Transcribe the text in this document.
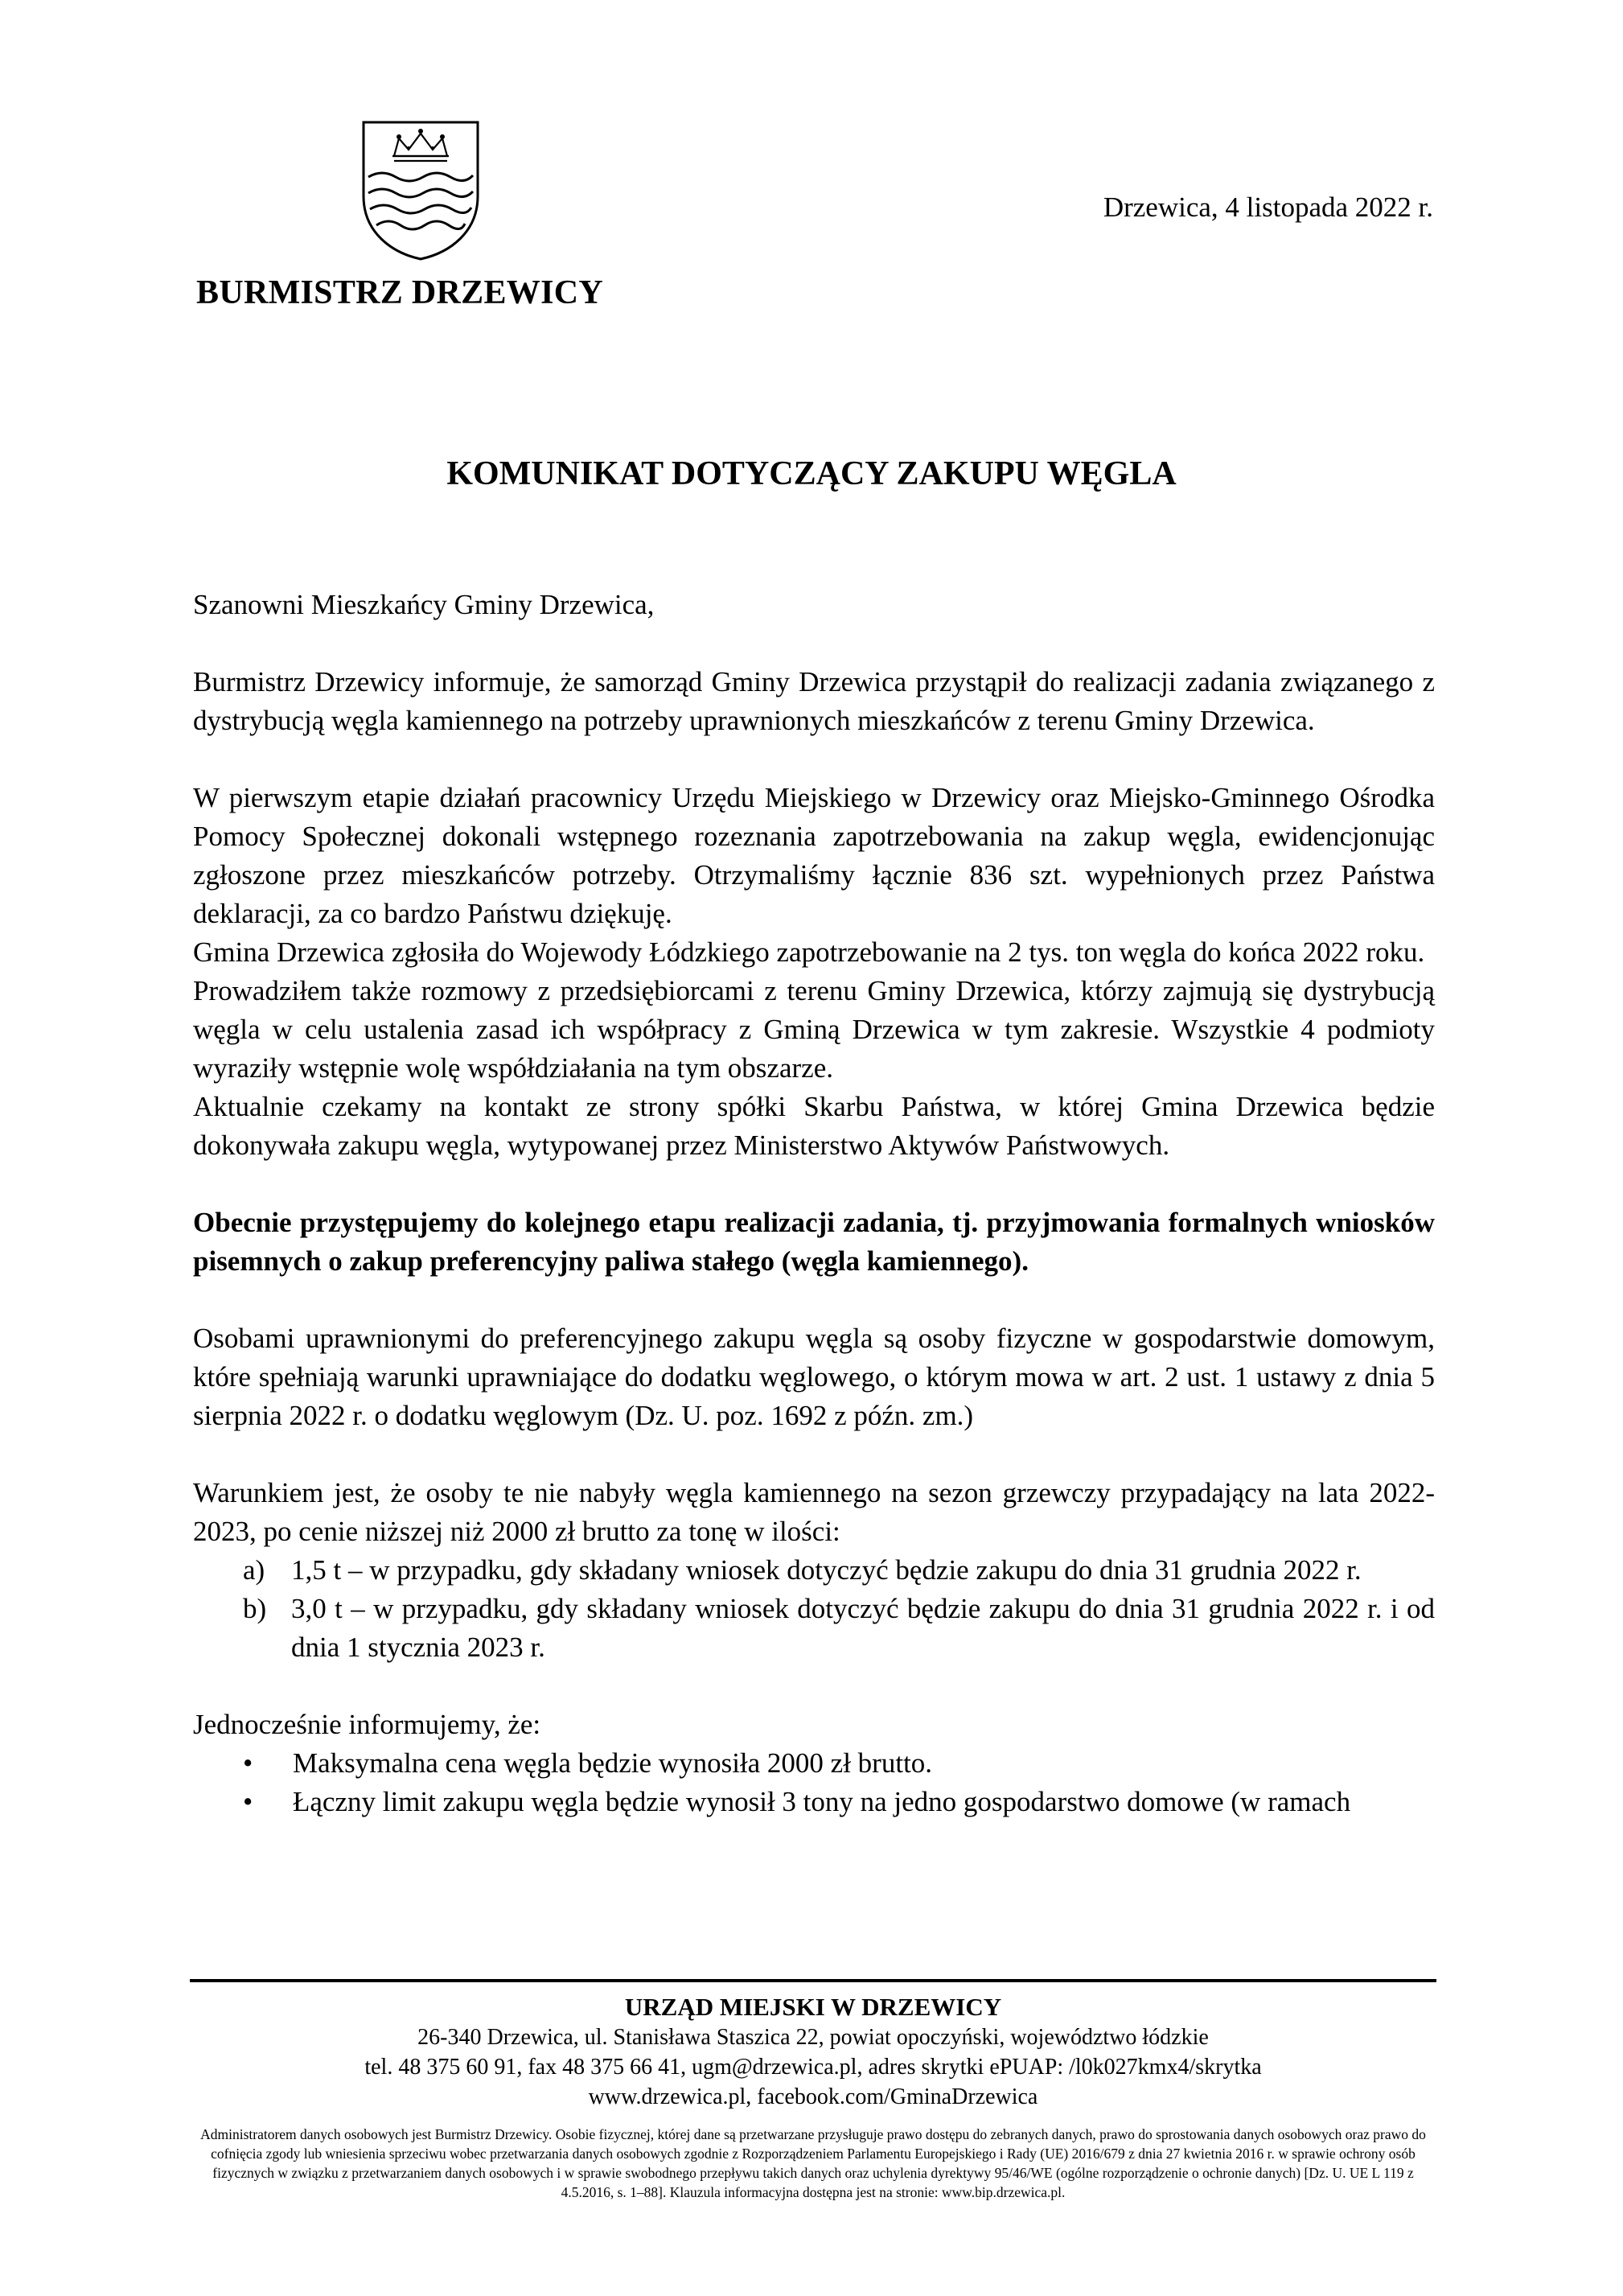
Drzewica, 4 listopada 2022 r.
BURMISTRZ DRZEWICY
KOMUNIKAT DOTYCZĄCY ZAKUPU WĘGLA

Szanowni Mieszkańcy Gminy Drzewica,

Burmistrz Drzewicy informuje, że samorząd Gminy Drzewica przystąpił do realizacji zadania związanego z dystrybucją węgla kamiennego na potrzeby uprawnionych mieszkańców z terenu Gminy Drzewica.

W pierwszym etapie działań pracownicy Urzędu Miejskiego w Drzewicy oraz Miejsko-Gminnego Ośrodka Pomocy Społecznej dokonali wstępnego rozeznania zapotrzebowania na zakup węgla, ewidencjonując zgłoszone przez mieszkańców potrzeby. Otrzymaliśmy łącznie 836 szt. wypełnionych przez Państwa deklaracji, za co bardzo Państwu dziękuję.

Gmina Drzewica zgłosiła do Wojewody Łódzkiego zapotrzebowanie na 2 tys. ton węgla do końca 2022 roku.

Prowadziłem także rozmowy z przedsiębiorcami z terenu Gminy Drzewica, którzy zajmują się dystrybucją węgla w celu ustalenia zasad ich współpracy z Gminą Drzewica w tym zakresie. Wszystkie 4 podmioty wyraziły wstępnie wolę współdziałania na tym obszarze.

Aktualnie czekamy na kontakt ze strony spółki Skarbu Państwa, w której Gmina Drzewica będzie dokonywała zakupu węgla, wytypowanej przez Ministerstwo Aktywów Państwowych.

Obecnie przystępujemy do kolejnego etapu realizacji zadania, tj. przyjmowania formalnych wniosków pisemnych o zakup preferencyjny paliwa stałego (węgla kamiennego).

Osobami uprawnionymi do preferencyjnego zakupu węgla są osoby fizyczne w gospodarstwie domowym, które spełniają warunki uprawniające do dodatku węglowego, o którym mowa w art. 2 ust. 1 ustawy z dnia 5 sierpnia 2022 r. o dodatku węglowym (Dz. U. poz. 1692 z późn. zm.)

Warunkiem jest, że osoby te nie nabyły węgla kamiennego na sezon grzewczy przypadający na lata 2022-2023, po cenie niższej niż 2000 zł brutto za tonę w ilości:

a) 1,5 t – w przypadku, gdy składany wniosek dotyczyć będzie zakupu do dnia 31 grudnia 2022 r.
b) 3,0 t – w przypadku, gdy składany wniosek dotyczyć będzie zakupu do dnia 31 grudnia 2022 r. i od dnia 1 stycznia 2023 r.

Jednocześnie informujemy, że:

• Maksymalna cena węgla będzie wynosiła 2000 zł brutto.
• Łączny limit zakupu węgla będzie wynosił 3 tony na jedno gospodarstwo domowe (w ramach
URZĄD MIEJSKI W DRZEWICY
26-340 Drzewica, ul. Stanisława Staszica 22, powiat opoczyński, województwo łódzkie
tel. 48 375 60 91, fax 48 375 66 41, ugm@drzewica.pl, adres skrytki ePUAP: /l0k027kmx4/skrytka
www.drzewica.pl, facebook.com/GminaDrzewica
Administratorem danych osobowych jest Burmistrz Drzewicy. Osobie fizycznej, której dane są przetwarzane przysługuje prawo dostępu do zebranych danych, prawo do sprostowania danych osobowych oraz prawo do cofnięcia zgody lub wniesienia sprzeciwu wobec przetwarzania danych osobowych zgodnie z Rozporządzeniem Parlamentu Europejskiego i Rady (UE) 2016/679 z dnia 27 kwietnia 2016 r. w sprawie ochrony osób fizycznych w związku z przetwarzaniem danych osobowych i w sprawie swobodnego przepływu takich danych oraz uchylenia dyrektywy 95/46/WE (ogólne rozporządzenie o ochronie danych) [Dz. U. UE L 119 z 4.5.2016, s. 1–88]. Klauzula informacyjna dostępna jest na stronie: www.bip.drzewica.pl.
